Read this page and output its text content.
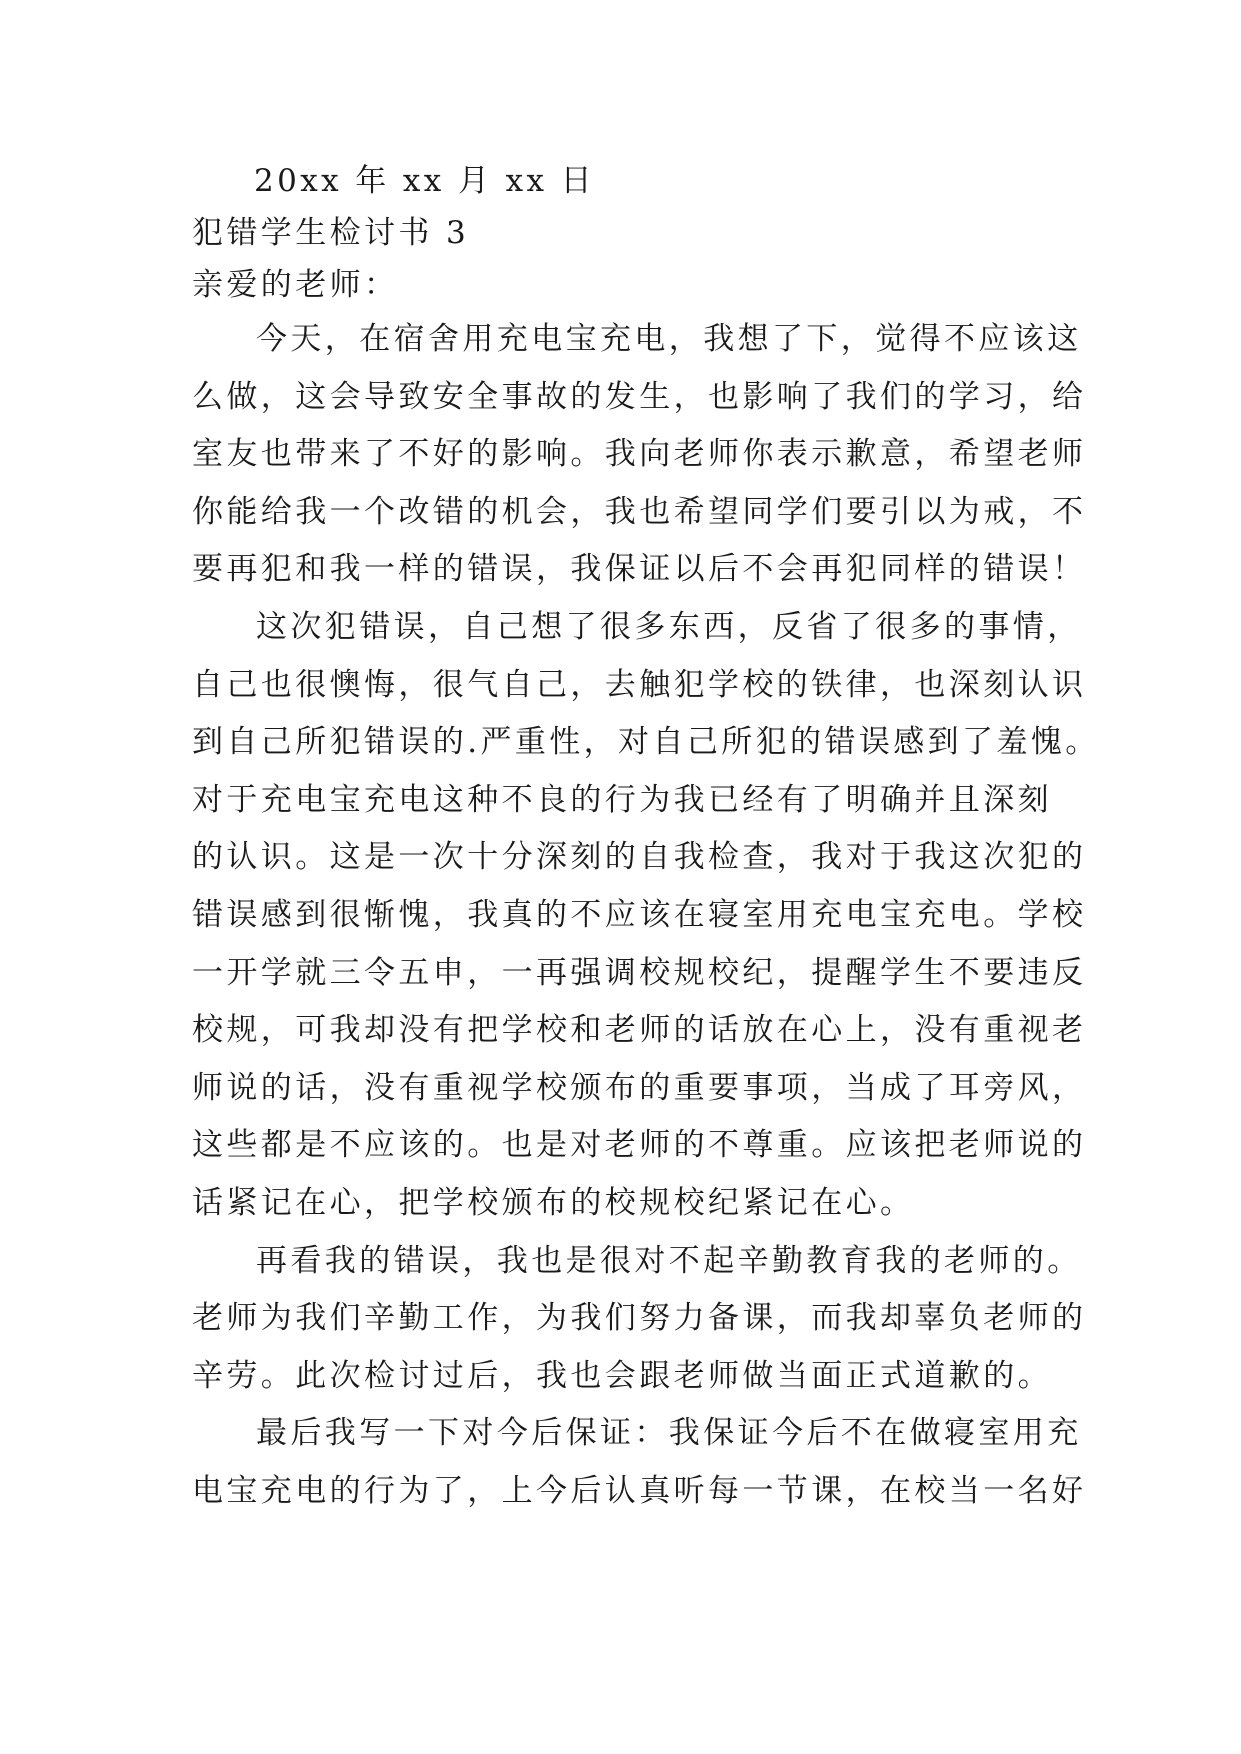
20xx 年 xx 月 xx 日
犯错学生检讨书 3
亲爱的老师：
今天，在宿舍用充电宝充电，我想了下，觉得不应该这
么做，这会导致安全事故的发生，也影响了我们的学习，给
室友也带来了不好的影响。我向老师你表示歉意，希望老师
你能给我一个改错的机会，我也希望同学们要引以为戒，不
要再犯和我一样的错误，我保证以后不会再犯同样的错误！
这次犯错误，自己想了很多东西，反省了很多的事情，
自己也很懊悔，很气自己，去触犯学校的铁律，也深刻认识
到自己所犯错误的.严重性，对自己所犯的错误感到了羞愧。
对于充电宝充电这种不良的行为我已经有了明确并且深刻
的认识。这是一次十分深刻的自我检查，我对于我这次犯的
错误感到很惭愧，我真的不应该在寝室用充电宝充电。学校
一开学就三令五申，一再强调校规校纪，提醒学生不要违反
校规，可我却没有把学校和老师的话放在心上，没有重视老
师说的话，没有重视学校颁布的重要事项，当成了耳旁风，
这些都是不应该的。也是对老师的不尊重。应该把老师说的
话紧记在心，把学校颁布的校规校纪紧记在心。
再看我的错误，我也是很对不起辛勤教育我的老师的。
老师为我们辛勤工作，为我们努力备课，而我却辜负老师的
辛劳。此次检讨过后，我也会跟老师做当面正式道歉的。
最后我写一下对今后保证：我保证今后不在做寝室用充
电宝充电的行为了，上今后认真听每一节课，在校当一名好
